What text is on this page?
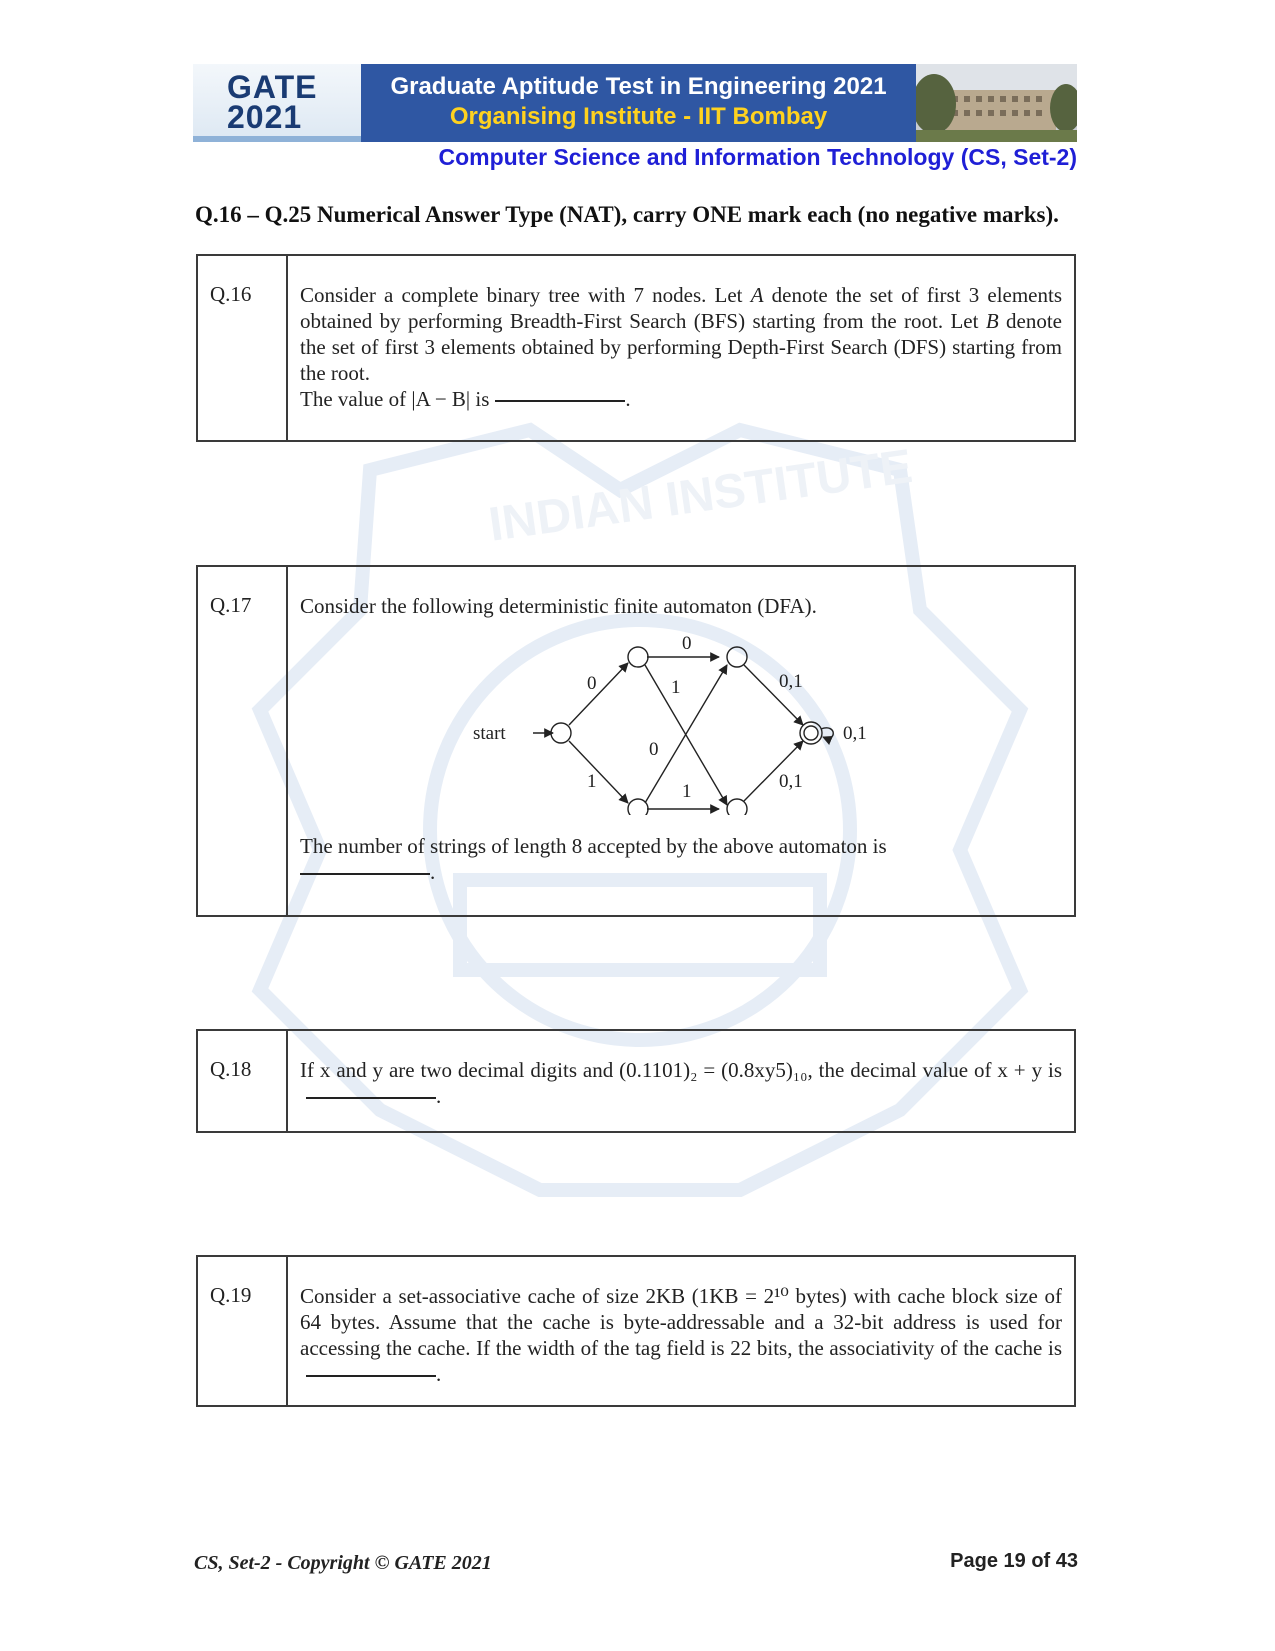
INDIAN INSTITUTE
GATE
2021
Graduate Aptitude Test in Engineering 2021
Organising Institute - IIT Bombay
Computer Science and Information Technology (CS, Set-2)
Q.16 – Q.25 Numerical Answer Type (NAT), carry ONE mark each (no negative marks).
Q.16	Consider a complete binary tree with 7 nodes. Let A denote the set of first 3 elements obtained by performing Breadth-First Search (BFS) starting from the root. Let B denote the set of first 3 elements obtained by performing Depth-First Search (DFS) starting from the root.
The value of |A − B| is	.
Q.17	Consider the following deterministic finite automaton (DFA).
start
0
1
0
1
0
1
0,1
0,1
0,1
The number of strings of length 8 accepted by the above automaton is
.
Q.18	If x and y are two decimal digits and (0.1101)₂ = (0.8xy5)₁₀, the decimal value of x + y is.
Q.19	Consider a set-associative cache of size 2KB (1KB = 2¹⁰ bytes) with cache block size of 64 bytes. Assume that the cache is byte-addressable and a 32-bit address is used for accessing the cache. If the width of the tag field is 22 bits, the associativity of the cache is.
CS, Set-2 - Copyright © GATE 2021	Page 19 of 43
